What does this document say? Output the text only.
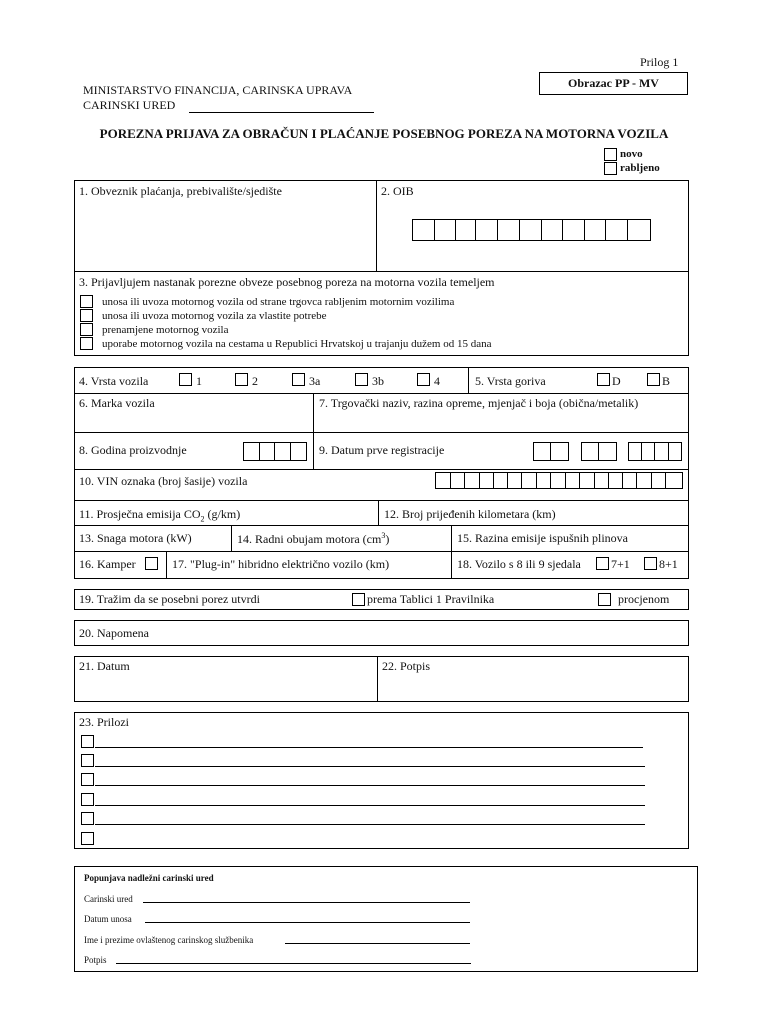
Prilog 1
Obrazac PP - MV
MINISTARSTVO FINANCIJA, CARINSKA UPRAVA
CARINSKI URED
POREZNA PRIJAVA ZA OBRAČUN I PLAĆANJE POSEBNOG POREZA NA MOTORNA VOZILA
novo
rabljeno
1. Obveznik plaćanja, prebivalište/sjedište	2. OIB
3. Prijavljujem nastanak porezne obveze posebnog poreza na motorna vozila temeljem
unosa ili uvoza motornog vozila od strane trgovca rabljenim motornim vozilima
unosa ili uvoza motornog vozila za vlastite potrebe
prenamjene motornog vozila
uporabe motornog vozila na cestama u Republici Hrvatskoj u trajanju dužem od 15 dana
4. Vrsta vozila	1	2	3a	3b	4	5. Vrsta goriva	D	B
6. Marka vozila	7. Trgovački naziv, razina opreme, mjenjač i boja (obična/metalik)
8. Godina proizvodnje	9. Datum prve registracije
10. VIN oznaka (broj šasije) vozila
11. Prosječna emisija $CO_2$ (g/km)	12. Broj prijeđenih kilometara (km)
13. Snaga motora (kW)	14. Radni obujam motora $(cm^3)$	15. Razina emisije ispušnih plinova
16. Kamper	17. "Plug-in" hibridno električno vozilo (km)	18. Vozilo s 8 ili 9 sjedala	7+1 8+1
19. Tražim da se posebni porez utvrdi	prema Tablici 1 Pravilnika	procjenom
20. Napomena
21. Datum	22. Potpis
23. Prilozi
Popunjava nadležni carinski ured
Carinski ured
Datum unosa
Ime i prezime ovlaštenog carinskog službenika
Potpis
